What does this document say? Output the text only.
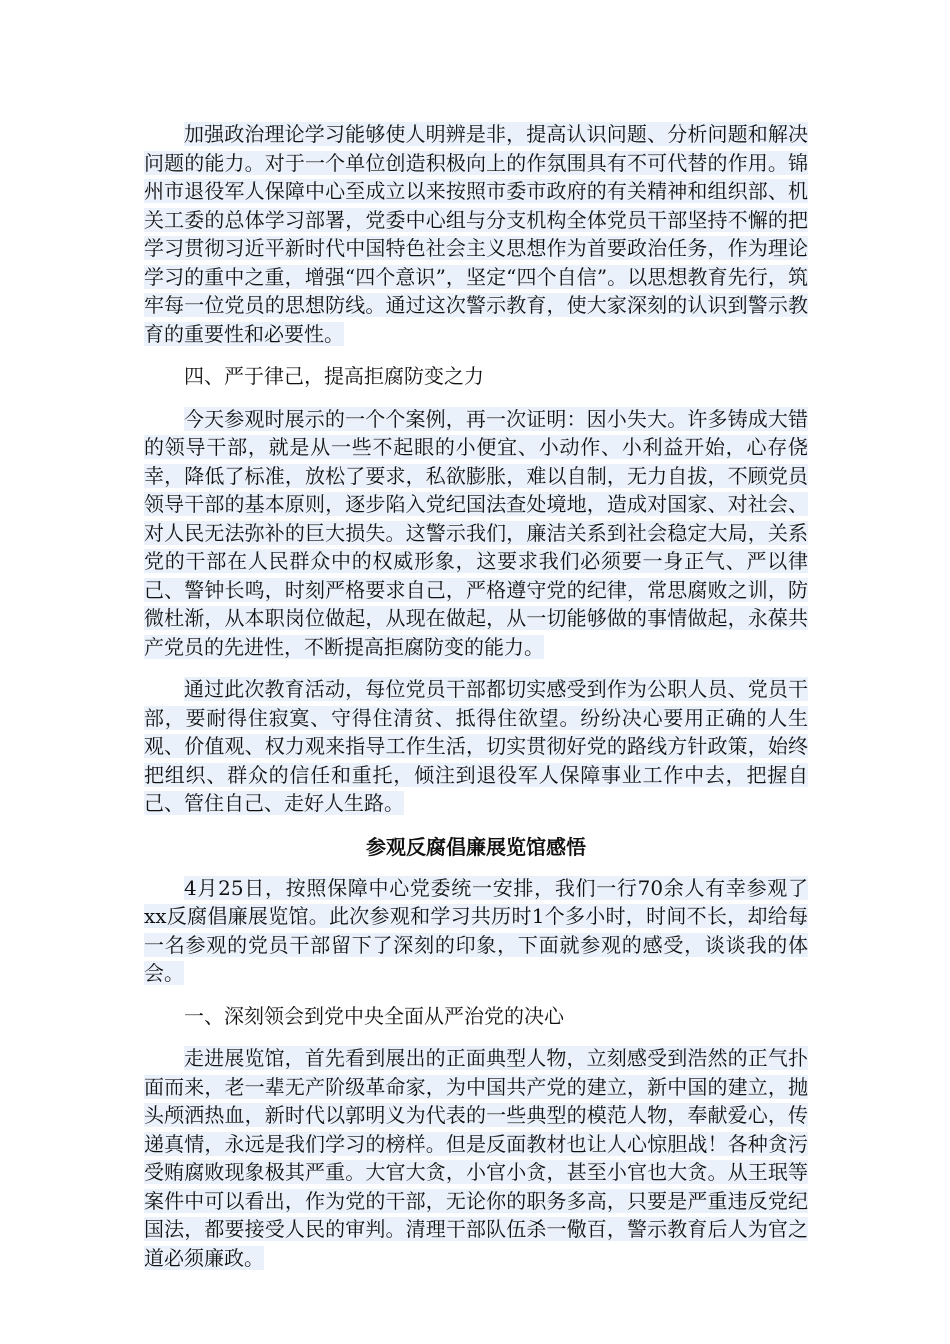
加强政治理论学习能够使人明辨是非，提高认识问题、分析问题和解决问题的能力。对于一个单位创造积极向上的作氛围具有不可代替的作用。锦州市退役军人保障中心至成立以来按照市委市政府的有关精神和组织部、机关工委的总体学习部署，党委中心组与分支机构全体党员干部坚持不懈的把学习贯彻习近平新时代中国特色社会主义思想作为首要政治任务，作为理论学习的重中之重，增强“四个意识”，坚定“四个自信”。以思想教育先行，筑牢每一位党员的思想防线。通过这次警示教育，使大家深刻的认识到警示教育的重要性和必要性。

四、严于律己，提高拒腐防变之力

今天参观时展示的一个个案例，再一次证明：因小失大。许多铸成大错的领导干部，就是从一些不起眼的小便宜、小动作、小利益开始，心存侥幸，降低了标准，放松了要求，私欲膨胀，难以自制，无力自拔，不顾党员领导干部的基本原则，逐步陷入党纪国法查处境地，造成对国家、对社会、对人民无法弥补的巨大损失。这警示我们，廉洁关系到社会稳定大局，关系党的干部在人民群众中的权威形象，这要求我们必须要一身正气、严以律己、警钟长鸣，时刻严格要求自己，严格遵守党的纪律，常思腐败之训，防微杜渐，从本职岗位做起，从现在做起，从一切能够做的事情做起，永葆共产党员的先进性，不断提高拒腐防变的能力。

通过此次教育活动，每位党员干部都切实感受到作为公职人员、党员干部，要耐得住寂寞、守得住清贫、抵得住欲望。纷纷决心要用正确的人生观、价值观、权力观来指导工作生活，切实贯彻好党的路线方针政策，始终把组织、群众的信任和重托，倾注到退役军人保障事业工作中去，把握自己、管住自己、走好人生路。

参观反腐倡廉展览馆感悟

4月25日，按照保障中心党委统一安排，我们一行70余人有幸参观了xx反腐倡廉展览馆。此次参观和学习共历时1个多小时，时间不长，却给每一名参观的党员干部留下了深刻的印象，下面就参观的感受，谈谈我的体会。

一、深刻领会到党中央全面从严治党的决心

走进展览馆，首先看到展出的正面典型人物，立刻感受到浩然的正气扑面而来，老一辈无产阶级革命家，为中国共产党的建立，新中国的建立，抛头颅洒热血，新时代以郭明义为代表的一些典型的模范人物，奉献爱心，传递真情，永远是我们学习的榜样。但是反面教材也让人心惊胆战！各种贪污受贿腐败现象极其严重。大官大贪，小官小贪，甚至小官也大贪。从王珉等案件中可以看出，作为党的干部，无论你的职务多高，只要是严重违反党纪国法，都要接受人民的审判。清理干部队伍杀一儆百，警示教育后人为官之道必须廉政。
